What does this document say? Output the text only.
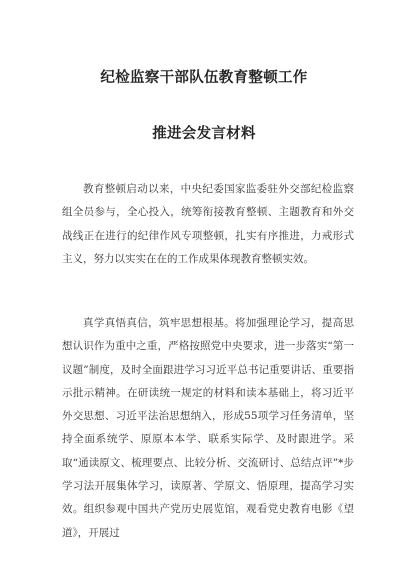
纪检监察干部队伍教育整顿工作
推进会发言材料

教育整顿启动以来，中央纪委国家监委驻外交部纪检监察组全员参与，全心投入，统筹衔接教育整顿、主题教育和外交战线正在进行的纪律作风专项整顿，扎实有序推进，力戒形式主义，努力以实实在在的工作成果体现教育整顿实效。

真学真悟真信，筑牢思想根基。将加强理论学习，提高思想认识作为重中之重，严格按照党中央要求，进一步落实“第一议题”制度，及时全面跟进学习习近平总书记重要讲话、重要指示批示精神。在研读统一规定的材料和读本基础上，将习近平外交思想、习近平法治思想纳入，形成55项学习任务清单，坚持全面系统学、原原本本学、联系实际学、及时跟进学。采取“通读原文、梳理要点、比较分析、交流研讨、总结点评”*步学习法开展集体学习，读原著、学原文、悟原理，提高学习实效。组织参观中国共产党历史展览馆，观看党史教育电影《望道》，开展过
